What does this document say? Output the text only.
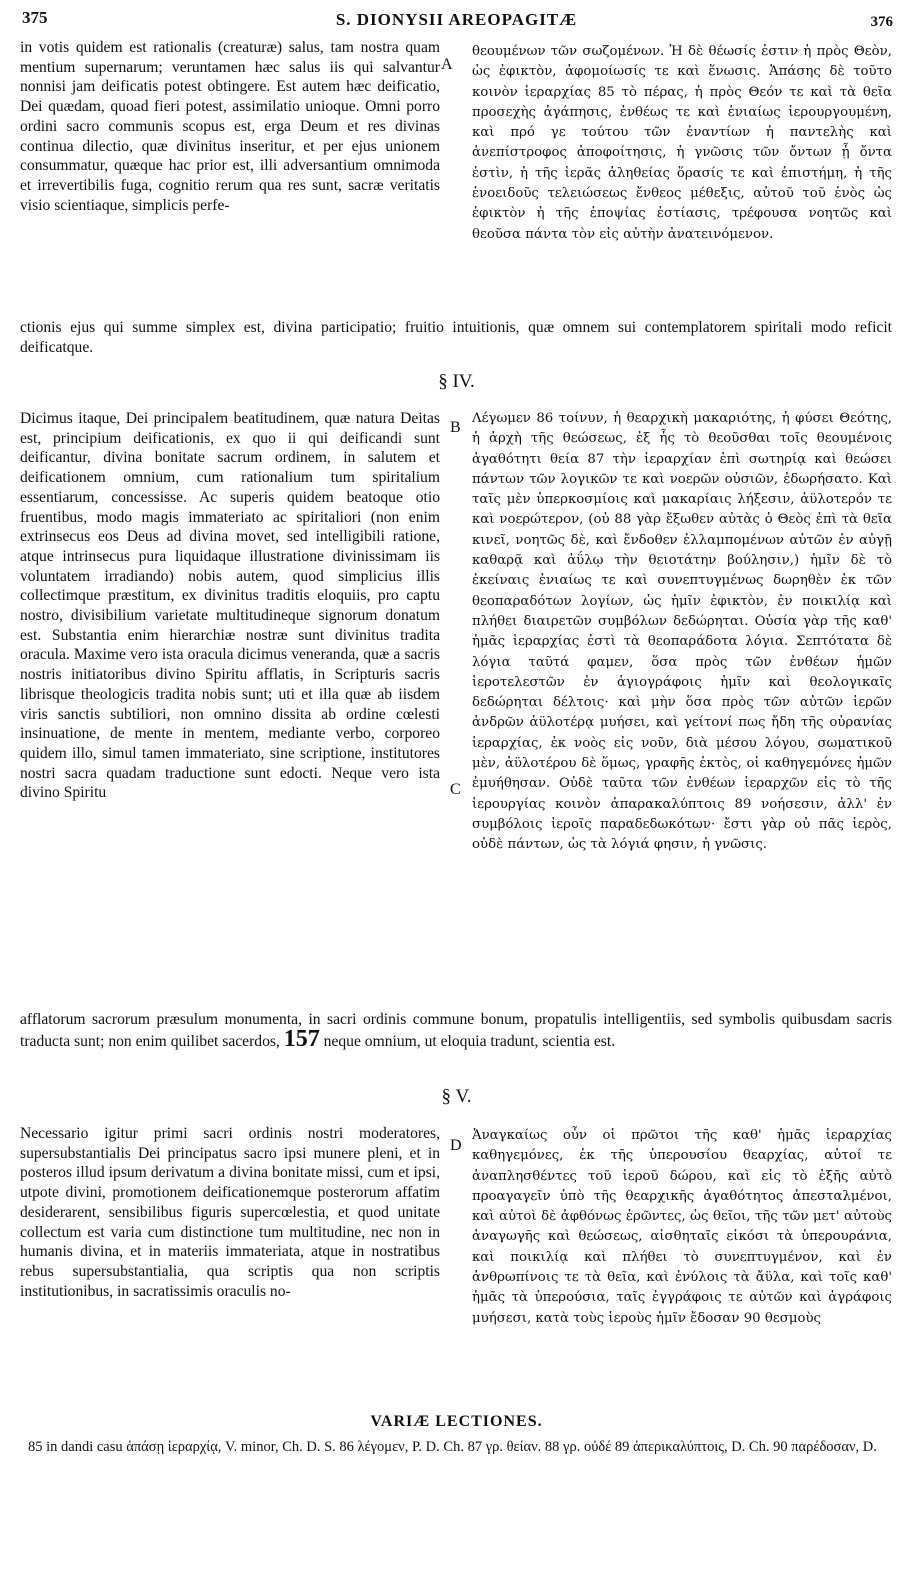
375	S. DIONYSII AREOPAGITÆ	376
in votis quidem est rationalis (creaturæ) salus, tam nostra quam mentium supernarum; veruntamen hæc salus iis qui salvantur nonnisi jam deificatis potest obtingere. Est autem hæc deificatio, Dei quædam, quoad fieri potest, assimilatio unioque. Omni porro ordini sacro communis scopus est, erga Deum et res divinas continua dilectio, quæ divinitus inseritur, et per ejus unionem consummatur, quæque hac prior est, illi adversantium omnimoda et irrevertibilis fuga, cognitio rerum qua res sunt, sacræ veritatis visio scientiaque, simplicis perfe-
A
θεουμένων τῶν σωζομένων. Ἡ δὲ θέωσίς ἐστιν ἡ πρὸς Θεὸν, ὡς ἐφικτὸν, ἀφομοίωσίς τε καὶ ἕνωσις. Ἁπάσης δὲ τοῦτο κοινὸν ἱεραρχίας 85 τὸ πέρας, ἡ πρὸς Θεόν τε καὶ τὰ θεῖα προσεχὴς ἀγάπησις, ἐνθέως τε καὶ ἑνιαίως ἱερουργουμένη, καὶ πρό γε τούτου τῶν ἐναντίων ἡ παντελὴς καὶ ἀνεπίστροφος ἀποφοίτησις, ἡ γνῶσις τῶν ὄντων ᾗ ὄντα ἐστὶν, ἡ τῆς ἱερᾶς ἀληθείας ὅρασίς τε καὶ ἐπιστήμη, ἡ τῆς ἑνοειδοῦς τελειώσεως ἔνθεος μέθεξις, αὐτοῦ τοῦ ἑνὸς ὡς ἐφικτὸν ἡ τῆς ἐποψίας ἑστίασις, τρέφουσα νοητῶς καὶ θεοῦσα πάντα τὸν εἰς αὐτὴν ἀνατεινόμενον.
ctionis ejus qui summe simplex est, divina participatio; fruitio intuitionis, quæ omnem sui contemplatorem spiritali modo reficit deificatque.
§ IV.
Dicimus itaque, Dei principalem beatitudinem, quæ natura Deitas est, principium deificationis, ex quo ii qui deificandi sunt deificantur, divina bonitate sacrum ordinem, in salutem et deificationem omnium, cum rationalium tum spiritalium essentiarum, concessisse. Ac superis quidem beatoque otio fruentibus, modo magis immateriato ac spiritaliori (non enim extrinsecus eos Deus ad divina movet, sed intelligibili ratione, atque intrinsecus pura liquidaque illustratione divinissimam iis voluntatem irradiando) nobis autem, quod simplicius illis collectimque præstitum, ex divinitus traditis eloquiis, pro captu nostro, divisibilium varietate multitudineque signorum donatum est. Substantia enim hierarchiæ nostræ sunt divinitus tradita oracula. Maxime vero ista oracula dicimus veneranda, quæ a sacris nostris initiatoribus divino Spiritu afflatis, in Scripturis sacris librisque theologicis tradita nobis sunt; uti et illa quæ ab iisdem viris sanctis subtiliori, non omnino dissita ab ordine cœlesti insinuatione, de mente in mentem, mediante verbo, corporeo quidem illo, simul tamen immateriato, sine scriptione, institutores nostri sacra quadam traductione sunt edocti. Neque vero ista divino Spiritu
B
C
Λέγωμεν 86 τοίνυν, ἡ θεαρχικὴ μακαριότης, ἡ φύσει Θεότης, ἡ ἀρχὴ τῆς θεώσεως, ἐξ ἧς τὸ θεοῦσθαι τοῖς θεουμένοις ἀγαθότητι θεία 87 τὴν ἱεραρχίαν ἐπὶ σωτηρίᾳ καὶ θεώσει πάντων τῶν λογικῶν τε καὶ νοερῶν οὐσιῶν, ἐδωρήσατο. Καὶ ταῖς μὲν ὑπερκοσμίοις καὶ μακαρίαις λήξεσιν, ἀϋλοτερόν τε καὶ νοερώτερον, (οὐ 88 γὰρ ἔξωθεν αὐτὰς ὁ Θεὸς ἐπὶ τὰ θεῖα κινεῖ, νοητῶς δὲ, καὶ ἔνδοθεν ἐλλαμπομένων αὐτῶν ἐν αὐγῇ καθαρᾷ καὶ ἀΰλῳ τὴν θειοτάτην βούλησιν,) ἡμῖν δὲ τὸ ἐκείναις ἑνιαίως τε καὶ συνεπτυγμένως δωρηθὲν ἐκ τῶν θεοπαραδότων λογίων, ὡς ἡμῖν ἐφικτὸν, ἐν ποικιλίᾳ καὶ πλήθει διαιρετῶν συμβόλων δεδώρηται. Οὐσία γὰρ τῆς καθ' ἡμᾶς ἱεραρχίας ἐστὶ τὰ θεοπαράδοτα λόγια. Σεπτότατα δὲ λόγια ταῦτά φαμεν, ὅσα πρὸς τῶν ἐνθέων ἡμῶν ἱεροτελεστῶν ἐν ἁγιογράφοις ἡμῖν καὶ θεολογικαῖς δεδώρηται δέλτοις· καὶ μὴν ὅσα πρὸς τῶν αὐτῶν ἱερῶν ἀνδρῶν ἀϋλοτέρᾳ μυήσει, καὶ γείτονί πως ἤδη τῆς οὐρανίας ἱεραρχίας, ἐκ νοὸς εἰς νοῦν, διὰ μέσου λόγου, σωματικοῦ μὲν, ἀϋλοτέρου δὲ ὅμως, γραφῆς ἐκτὸς, οἱ καθηγεμόνες ἡμῶν ἐμυήθησαν. Οὐδὲ ταῦτα τῶν ἐνθέων ἱεραρχῶν εἰς τὸ τῆς ἱερουργίας κοινὸν ἀπαρακαλύπτοις 89 νοήσεσιν, ἀλλ' ἐν συμβόλοις ἱεροῖς παραδεδωκότων· ἔστι γὰρ οὐ πᾶς ἱερὸς, οὐδὲ πάντων, ὡς τὰ λόγιά φησιν, ἡ γνῶσις.
afflatorum sacrorum præsulum monumenta, in sacri ordinis commune bonum, propatulis intelligentiis, sed symbolis quibusdam sacris traducta sunt; non enim quilibet sacerdos, 157 neque omnium, ut eloquia tradunt, scientia est.
§ V.
Necessario igitur primi sacri ordinis nostri moderatores, supersubstantialis Dei principatus sacro ipsi munere pleni, et in posteros illud ipsum derivatum a divina bonitate missi, cum et ipsi, utpote divini, promotionem deificationemque posterorum affatim desiderarent, sensibilibus figuris supercœlestia, et quod unitate collectum est varia cum distinctione tum multitudine, nec non in humanis divina, et in materiis immateriata, atque in nostratibus rebus supersubstantialia, qua scriptis qua non scriptis institutionibus, in sacratissimis oraculis no-
D
Ἀναγκαίως οὖν οἱ πρῶτοι τῆς καθ' ἡμᾶς ἱεραρχίας καθηγεμόνες, ἐκ τῆς ὑπερουσίου θεαρχίας, αὐτοί τε ἀναπλησθέντες τοῦ ἱεροῦ δώρου, καὶ εἰς τὸ ἑξῆς αὐτὸ προαγαγεῖν ὑπὸ τῆς θεαρχικῆς ἀγαθότητος ἀπεσταλμένοι, καὶ αὐτοὶ δὲ ἀφθόνως ἐρῶντες, ὡς θεῖοι, τῆς τῶν μετ' αὐτοὺς ἀναγωγῆς καὶ θεώσεως, αἰσθηταῖς εἰκόσι τὰ ὑπερουράνια, καὶ ποικιλίᾳ καὶ πλήθει τὸ συνεπτυγμένον, καὶ ἐν ἀνθρωπίνοις τε τὰ θεῖα, καὶ ἐνύλοις τὰ ἄϋλα, καὶ τοῖς καθ' ἡμᾶς τὰ ὑπερούσια, ταῖς ἐγγράφοις τε αὐτῶν καὶ ἀγράφοις μυήσεσι, κατὰ τοὺς ἱεροὺς ἡμῖν ἔδοσαν 90 θεσμοὺς
VARIÆ LECTIONES.
85 in dandi casu ἁπάσῃ ἱεραρχίᾳ, V. minor, Ch. D. S. 86 λέγομεν, P. D. Ch. 87 γρ. θείαν. 88 γρ. οὐδέ 89 ἀπερικαλύπτοις, D. Ch. 90 παρέδοσαν, D.
